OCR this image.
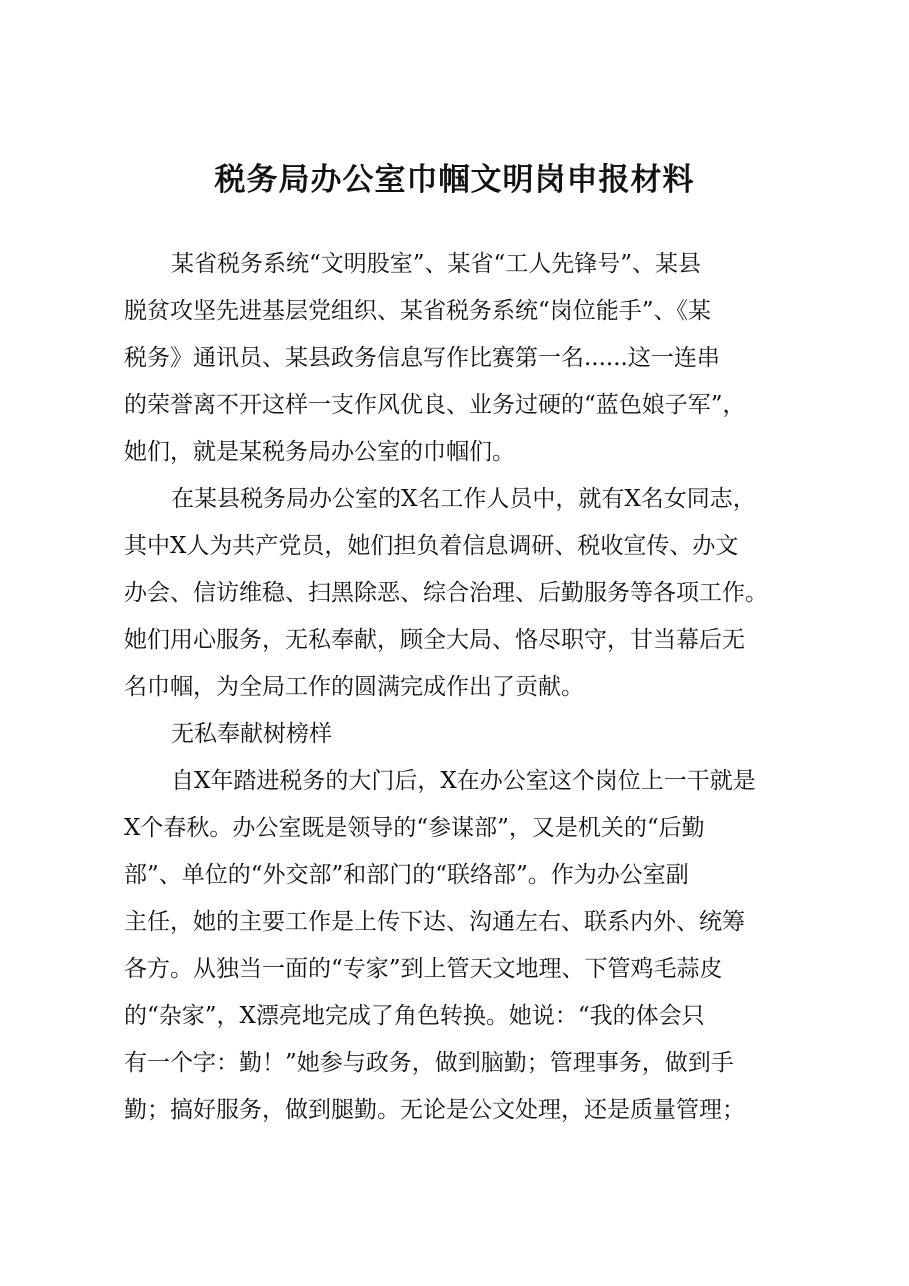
税务局办公室巾帼文明岗申报材料

某省税务系统“文明股室”、某省“工人先锋号”、某县

脱贫攻坚先进基层党组织、某省税务系统“岗位能手”、《某

税务》通讯员、某县政务信息写作比赛第一名......这一连串

的荣誉离不开这样一支作风优良、业务过硬的“蓝色娘子军”，

她们，就是某税务局办公室的巾帼们。

在某县税务局办公室的X名工作人员中，就有X名女同志，

其中X人为共产党员，她们担负着信息调研、税收宣传、办文

办会、信访维稳、扫黑除恶、综合治理、后勤服务等各项工作。

她们用心服务，无私奉献，顾全大局、恪尽职守，甘当幕后无

名巾帼，为全局工作的圆满完成作出了贡献。

无私奉献树榜样

自X年踏进税务的大门后，X在办公室这个岗位上一干就是

X个春秋。办公室既是领导的“参谋部”，又是机关的“后勤

部”、单位的“外交部”和部门的“联络部”。作为办公室副

主任，她的主要工作是上传下达、沟通左右、联系内外、统筹

各方。从独当一面的“专家”到上管天文地理、下管鸡毛蒜皮

的“杂家”，X漂亮地完成了角色转换。她说：“我的体会只

有一个字：勤！”她参与政务，做到脑勤；管理事务，做到手

勤；搞好服务，做到腿勤。无论是公文处理，还是质量管理；
